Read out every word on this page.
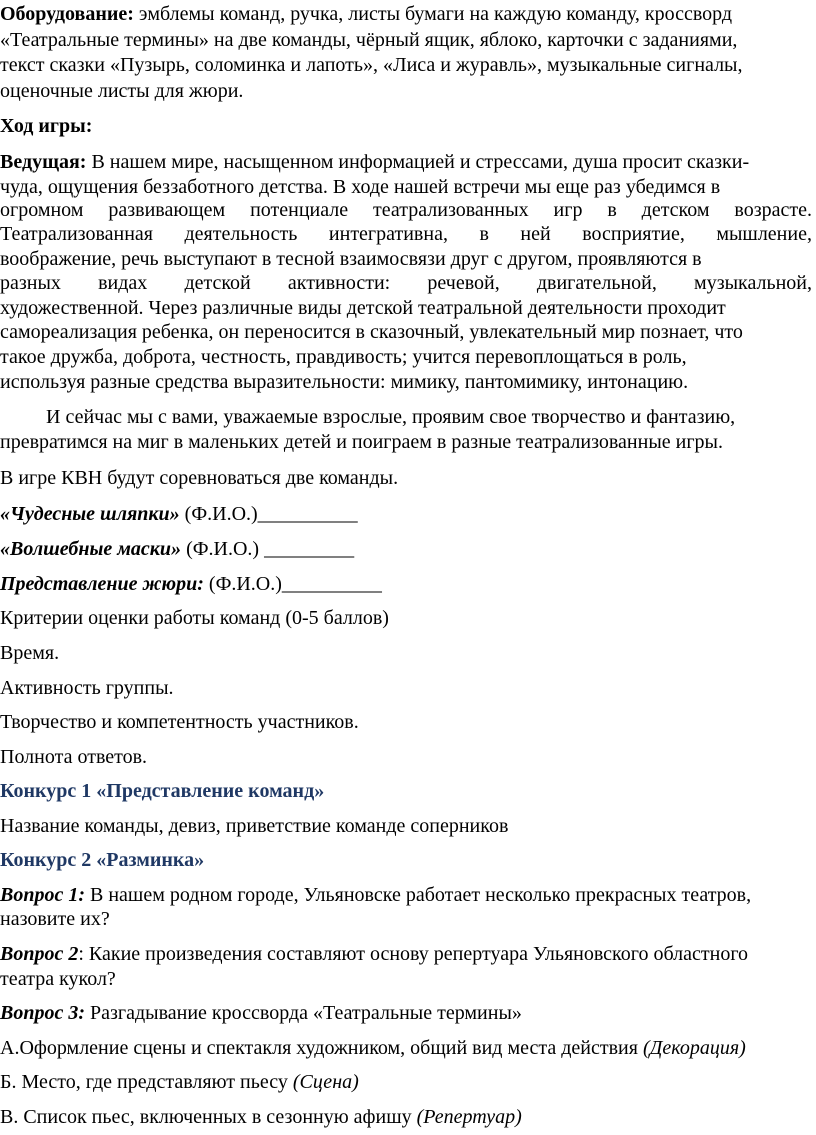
Оборудование: эмблемы команд, ручка, листы бумаги на каждую команду, кроссворд

«Театральные термины» на две команды, чёрный ящик, яблоко, карточки с заданиями,

текст сказки «Пузырь, соломинка и лапоть», «Лиса и журавль», музыкальные сигналы,

оценочные листы для жюри.

Ход игры:

Ведущая: В нашем мире, насыщенном информацией и стрессами, душа просит сказки-

чуда, ощущения беззаботного детства. В ходе нашей встречи мы еще раз убедимся в

огромном развивающем потенциале театрализованных игр в детском возрасте.

Театрализованная деятельность интегративна, в ней восприятие, мышление,

воображение, речь выступают в тесной взаимосвязи друг с другом, проявляются в

разных видах детской активности: речевой, двигательной, музыкальной,

художественной. Через различные виды детской театральной деятельности проходит

самореализация ребенка, он переносится в сказочный, увлекательный мир познает, что

такое дружба, доброта, честность, правдивость; учится перевоплощаться в роль,

используя разные средства выразительности: мимику, пантомимику, интонацию.

И сейчас мы с вами, уважаемые взрослые, проявим свое творчество и фантазию,

превратимся на миг в маленьких детей и поиграем в разные театрализованные игры.

В игре КВН будут соревноваться две команды.

«Чудесные шляпки» (Ф.И.О.)__________

«Волшебные маски» (Ф.И.О.) _________

Представление жюри: (Ф.И.О.)__________

Критерии оценки работы команд (0-5 баллов)

Время.

Активность группы.

Творчество и компетентность участников.

Полнота ответов.

Конкурс 1 «Представление команд»

Название команды, девиз, приветствие команде соперников

Конкурс 2 «Разминка»

Вопрос 1: В нашем родном городе, Ульяновске работает несколько прекрасных театров,

назовите их?

Вопрос 2: Какие произведения составляют основу репертуара Ульяновского областного

театра кукол?

Вопрос 3: Разгадывание кроссворда «Театральные термины»

А.Оформление сцены и спектакля художником, общий вид места действия (Декорация)

Б. Место, где представляют пьесу (Сцена)

В. Список пьес, включенных в сезонную афишу (Репертуар)
